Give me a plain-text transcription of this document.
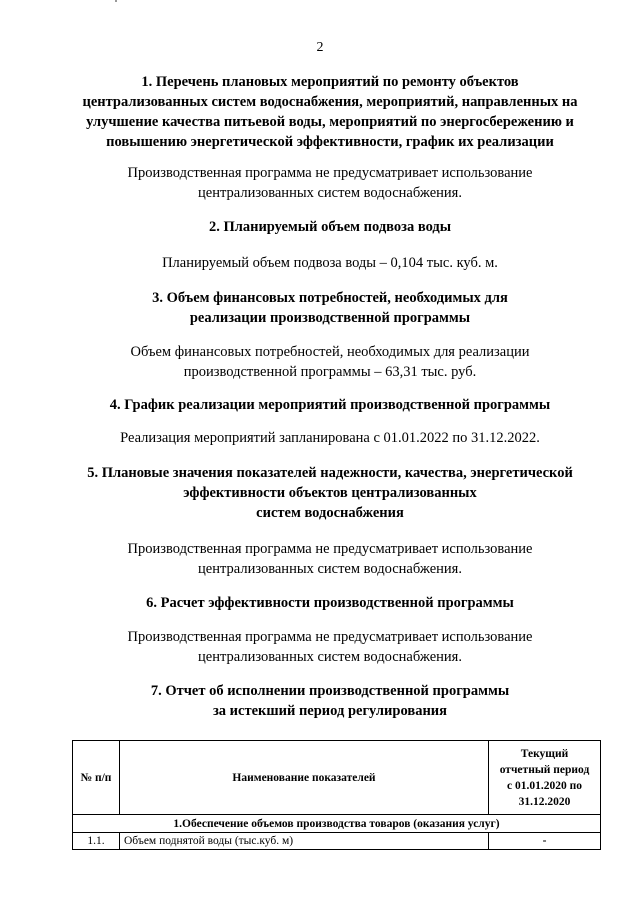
2
1. Перечень плановых мероприятий по ремонту объектов
централизованных систем водоснабжения, мероприятий, направленных на
улучшение качества питьевой воды, мероприятий по энергосбережению и
повышению энергетической эффективности, график их реализации
Производственная программа не предусматривает использование
централизованных систем водоснабжения.
2. Планируемый объем подвоза воды
Планируемый объем подвоза воды – 0,104 тыс. куб. м.
3. Объем финансовых потребностей, необходимых для
реализации производственной программы
Объем финансовых потребностей, необходимых для реализации
производственной программы – 63,31 тыс. руб.
4. График реализации мероприятий производственной программы
Реализация мероприятий запланирована с 01.01.2022 по 31.12.2022.
5. Плановые значения показателей надежности, качества, энергетической
эффективности объектов централизованных
систем водоснабжения
Производственная программа не предусматривает использование
централизованных систем водоснабжения.
6. Расчет эффективности производственной программы
Производственная программа не предусматривает использование
централизованных систем водоснабжения.
7. Отчет об исполнении производственной программы
за истекший период регулирования
№ п/п	Наименование показателей	Текущий
отчетный период
с 01.01.2020 по
31.12.2020

1.Обеспечение объемов производства товаров (оказания услуг)		
1.1.	Объем поднятой воды (тыс.куб. м)	-
